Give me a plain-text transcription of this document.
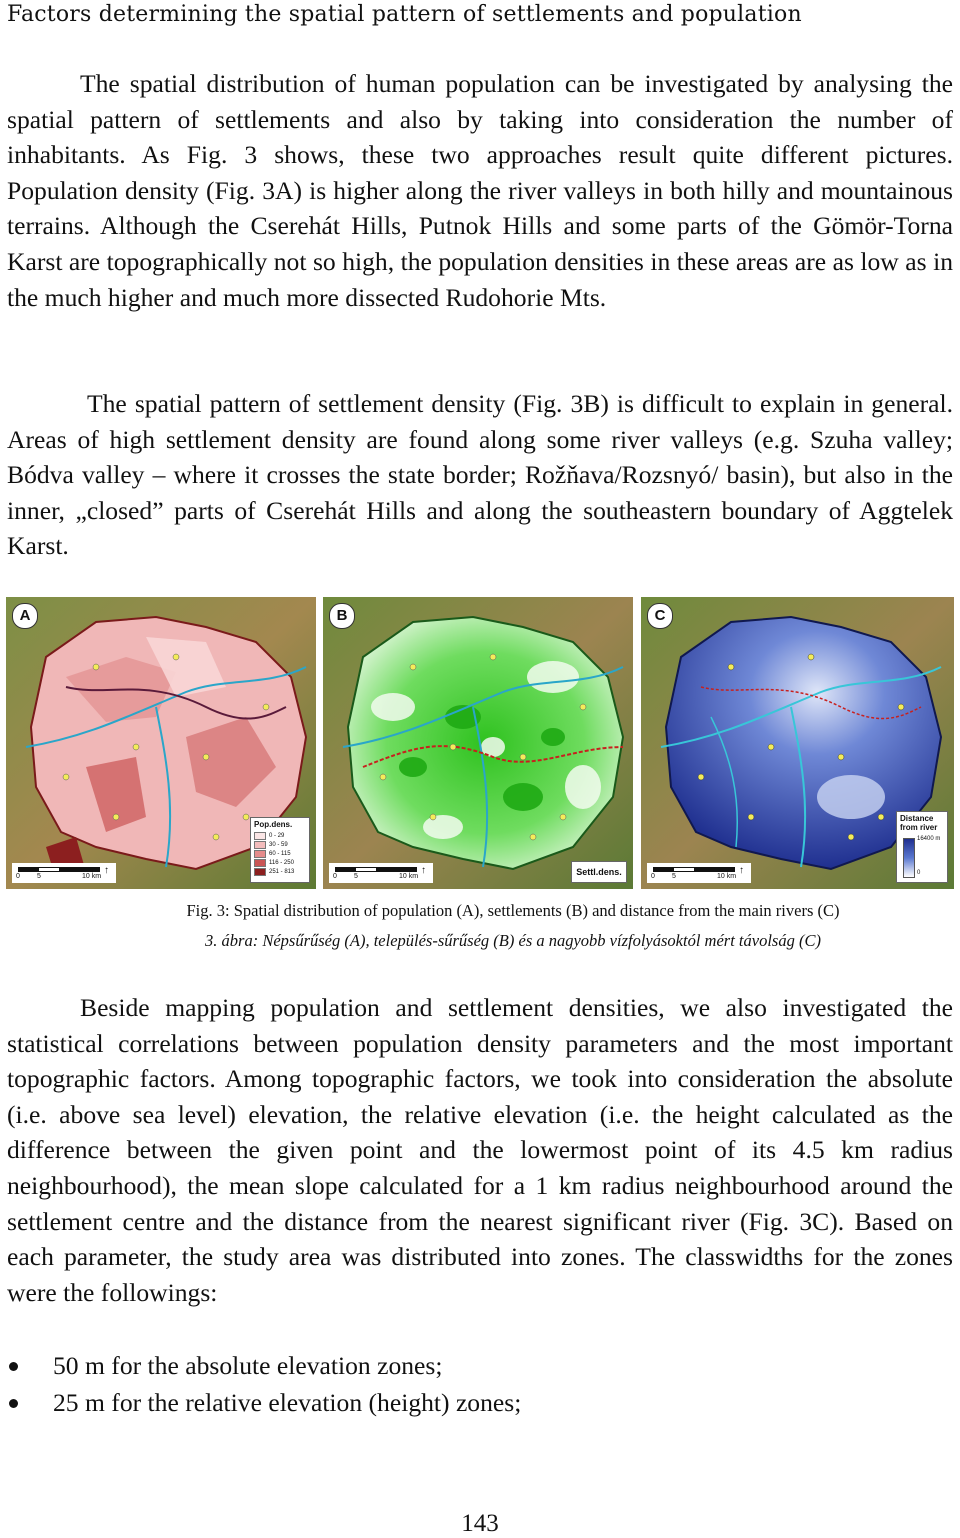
Factors determining the spatial pattern of settlements and population

The spatial distribution of human population can be investigated by analysing the spatial pattern of settlements and also by taking into consideration the number of inhabitants. As Fig. 3 shows, these two approaches result quite different pictures. Population density (Fig. 3A) is higher along the river valleys in both hilly and mountainous terrains. Although the Cserehát Hills, Putnok Hills and some parts of the Gömör-Torna Karst are topographically not so high, the population densities in these areas are as low as in the much higher and much more dissected Rudohorie Mts.

The spatial pattern of settlement density (Fig. 3B) is difficult to explain in general. Areas of high settlement density are found along some river valleys (e.g. Szuha valley; Bódva valley – where it crosses the state border; Rožňava/Rozsnyó/ basin), but also in the inner, „closed” parts of Cserehát Hills and along the southeastern boundary of Aggtelek Karst.

A
0 5	10 km
↑
Pop.dens.
0 - 29
30 - 59
60 - 115
116 - 250
251 - 813
B
0 5	10 km
↑	Settl.dens.
C
0 5	10 km
↑
Distance from river
16400 m
0

Fig. 3: Spatial distribution of population (A), settlements (B) and distance from the main rivers (C)

3. ábra: Népsűrűség (A), település-sűrűség (B) és a nagyobb vízfolyásoktól mért távolság (C)

Beside mapping population and settlement densities, we also investigated the statistical correlations between population density parameters and the most important topographic factors. Among topographic factors, we took into consideration the absolute (i.e. above sea level) elevation, the relative elevation (i.e. the height calculated as the difference between the given point and the lowermost point of its 4.5 km radius neighbourhood), the mean slope calculated for a 1 km radius neighbourhood around the settlement centre and the distance from the nearest significant river (Fig. 3C). Based on each parameter, the study area was distributed into zones. The classwidths for the zones were the followings:

50 m for the absolute elevation zones;
25 m for the relative elevation (height) zones;
143
